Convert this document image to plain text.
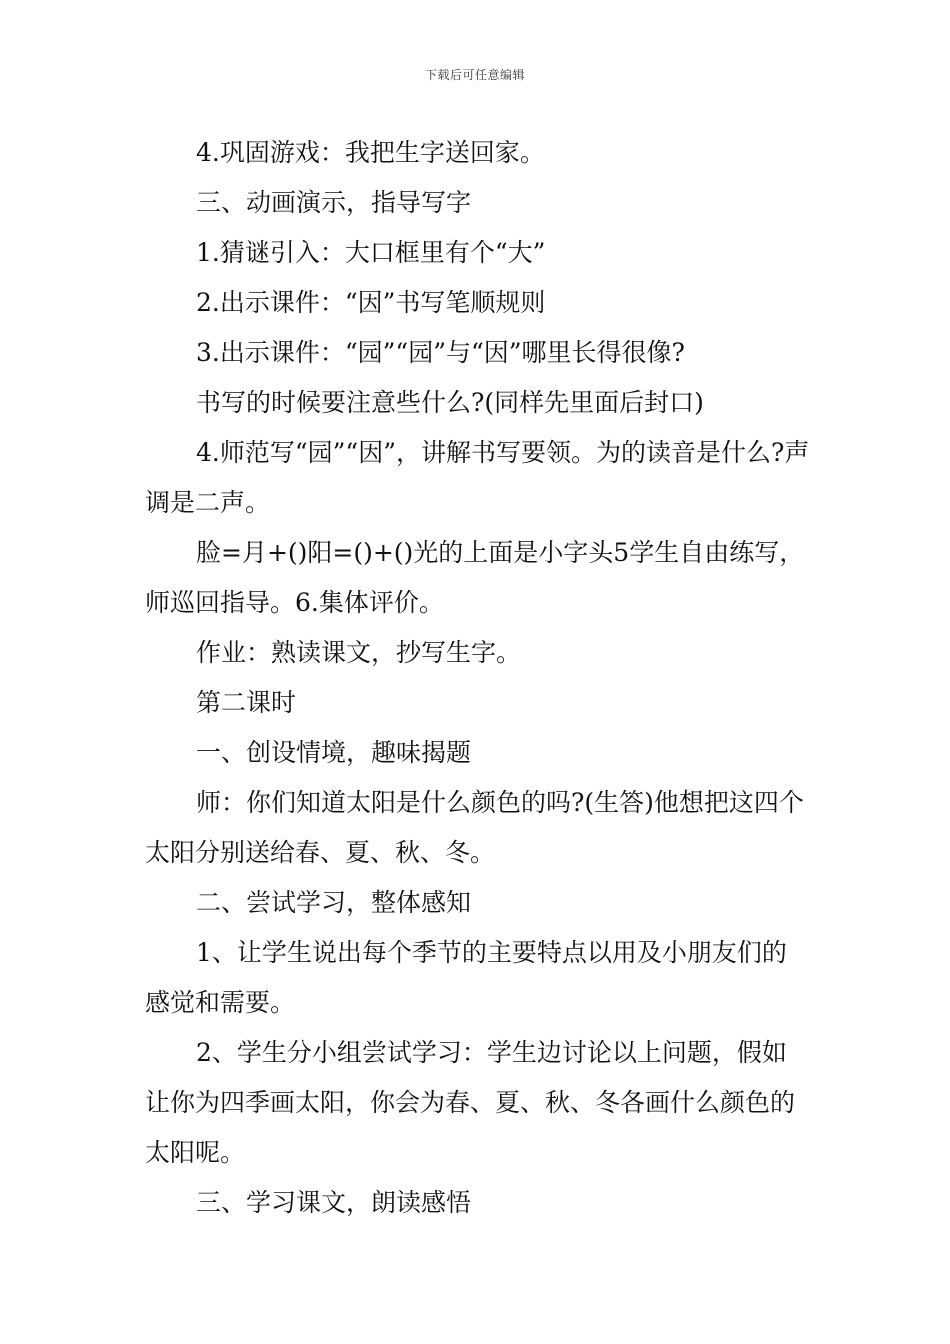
下载后可任意编辑

4.巩固游戏：我把生字送回家。

三、动画演示，指导写字

1.猜谜引入：大口框里有个“大”

2.出示课件：“因”书写笔顺规则

3.出示课件：“园”“园”与“因”哪里长得很像?

书写的时候要注意些什么?(同样先里面后封口)

4.师范写“园”“因”，讲解书写要领。为的读音是什么?声调是二声。

脸=月+()阳=()+()光的上面是小字头5学生自由练写，师巡回指导。6.集体评价。

作业：熟读课文，抄写生字。

第二课时

一、创设情境，趣味揭题

师：你们知道太阳是什么颜色的吗?(生答)他想把这四个太阳分别送给春、夏、秋、冬。

二、尝试学习，整体感知

1、让学生说出每个季节的主要特点以用及小朋友们的感觉和需要。

2、学生分小组尝试学习：学生边讨论以上问题，假如让你为四季画太阳，你会为春、夏、秋、冬各画什么颜色的太阳呢。

三、学习课文，朗读感悟
